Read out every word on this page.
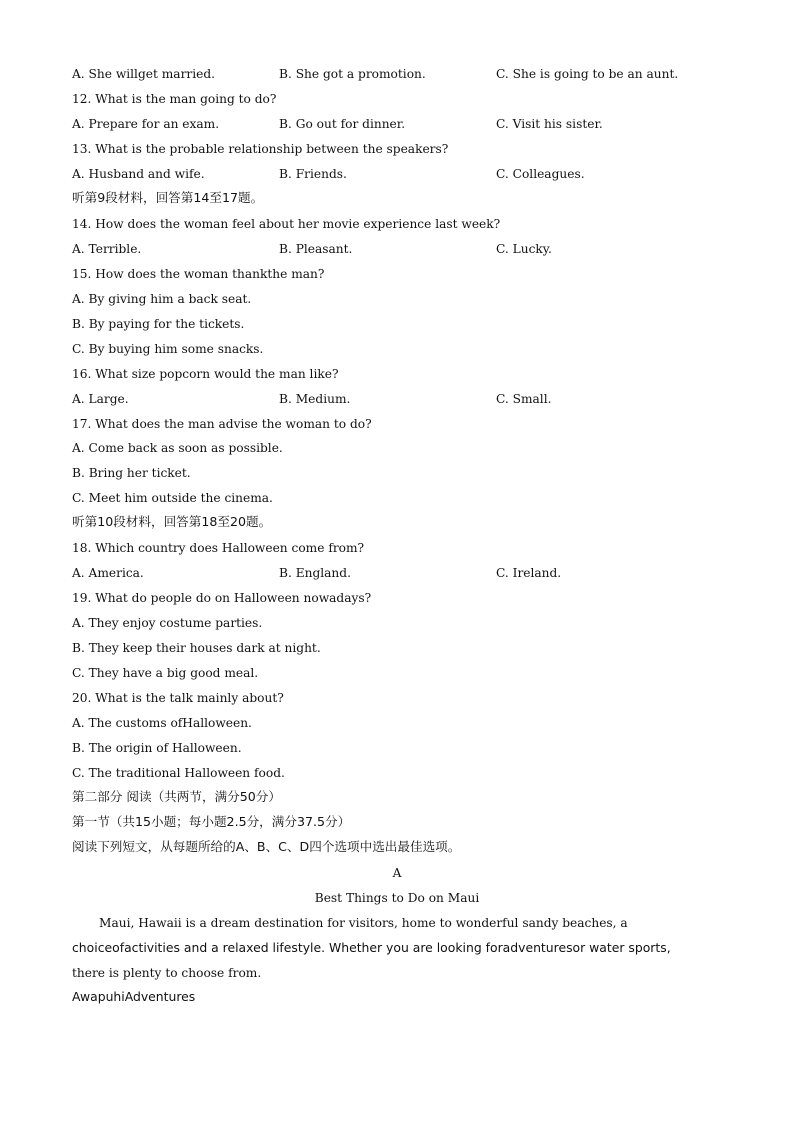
A. She willget married.	B. She got a promotion.	C. She is going to be an aunt.
12. What is the man going to do?
A. Prepare for an exam.	B. Go out for dinner.	C. Visit his sister.
13. What is the probable relationship between the speakers?
A. Husband and wife.	B. Friends.	C. Colleagues.
听第9段材料，回答第14至17题。
14. How does the woman feel about her movie experience last week?
A. Terrible.	B. Pleasant.	C. Lucky.
15. How does the woman thankthe man?
A. By giving him a back seat.
B. By paying for the tickets.
C. By buying him some snacks.
16. What size popcorn would the man like?
A. Large.	B. Medium.	C. Small.
17. What does the man advise the woman to do?
A. Come back as soon as possible.
B. Bring her ticket.
C. Meet him outside the cinema.
听第10段材料，回答第18至20题。
18. Which country does Halloween come from?
A. America.	B. England.	C. Ireland.
19. What do people do on Halloween nowadays?
A. They enjoy costume parties.
B. They keep their houses dark at night.
C. They have a big good meal.
20. What is the talk mainly about?
A. The customs ofHalloween.
B. The origin of Halloween.
C. The traditional Halloween food.
第二部分 阅读（共两节，满分50分）
第一节（共15小题；每小题2.5分，满分37.5分）
阅读下列短文，从每题所给的A、B、C、D四个选项中选出最佳选项。
A
Best Things to Do on Maui
Maui, Hawaii is a dream destination for visitors, home to wonderful sandy beaches, a
choiceofactivities and a relaxed lifestyle. Whether you are looking foradventuresor water sports,
there is plenty to choose from.
AwapuhiAdventures
